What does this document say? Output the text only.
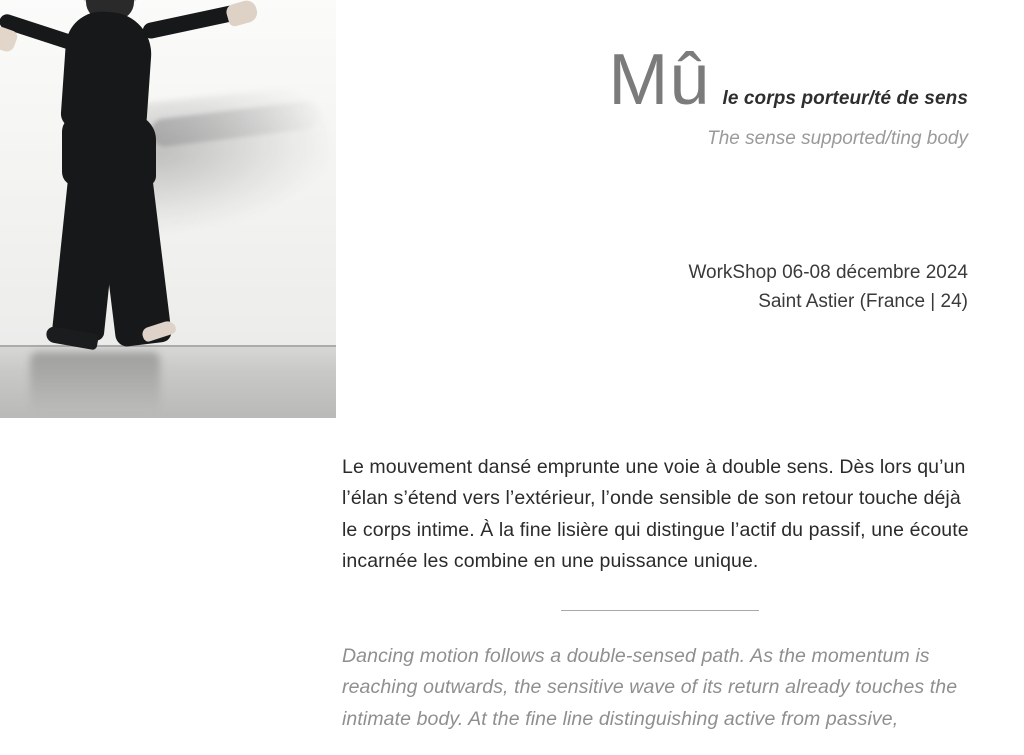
Mû le corps porteur/té de sens
The sense supported/ting body
WorkShop 06-08 décembre 2024
Saint Astier (France | 24)

Le mouvement dansé emprunte une voie à double sens. Dès lors qu’un l’élan s’étend vers l’extérieur, l’onde sensible de son retour touche déjà le corps intime. À la fine lisière qui distingue l’actif du passif, une écoute incarnée les combine en une puissance unique.

Dancing motion follows a double-sensed path. As the momentum is reaching outwards, the sensitive wave of its return already touches the intimate body. At the fine line distinguishing active from passive,
